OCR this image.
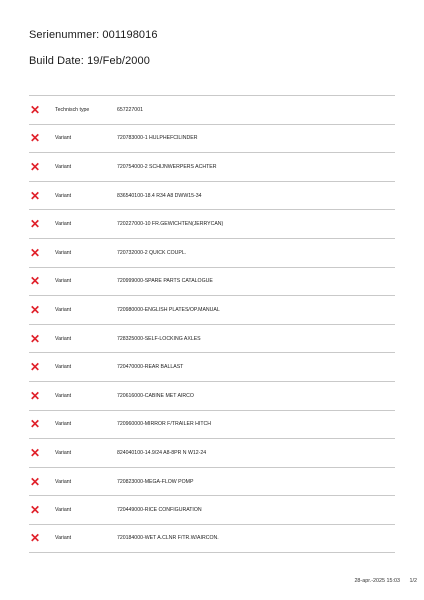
Serienummer: 001198016
Build Date: 19/Feb/2000
✕	Technisch type	657227001
✕	Variant	720783000-1 HULPHEFCILINDER
✕	Variant	720754000-2 SCHIJNWERPERS ACHTER
✕	Variant	836540100-18.4 R34 A8 DWW15-34
✕	Variant	720227000-10 FR.GEWICHTEN(JERRYCAN)
✕	Variant	720732000-2 QUICK COUPL.
✕	Variant	720999000-SPARE PARTS CATALOGUE
✕	Variant	720980000-ENGLISH PLATES/OP.MANUAL
✕	Variant	728325000-SELF-LOCKING AXLES
✕	Variant	720470000-REAR BALLAST
✕	Variant	720616000-CABINE MET AIRCO
✕	Variant	720960000-MIRROR F/TRAILER HITCH
✕	Variant	824040100-14.9/24 A8-8PR N W12-24
✕	Variant	720823000-MEGA-FLOW POMP
✕	Variant	720449000-RICE CONFIGURATION
✕	Variant	720184000-WET A.CLNR F/TR.W/AIRCON.
28-apr.-2025 15:03 1/2
